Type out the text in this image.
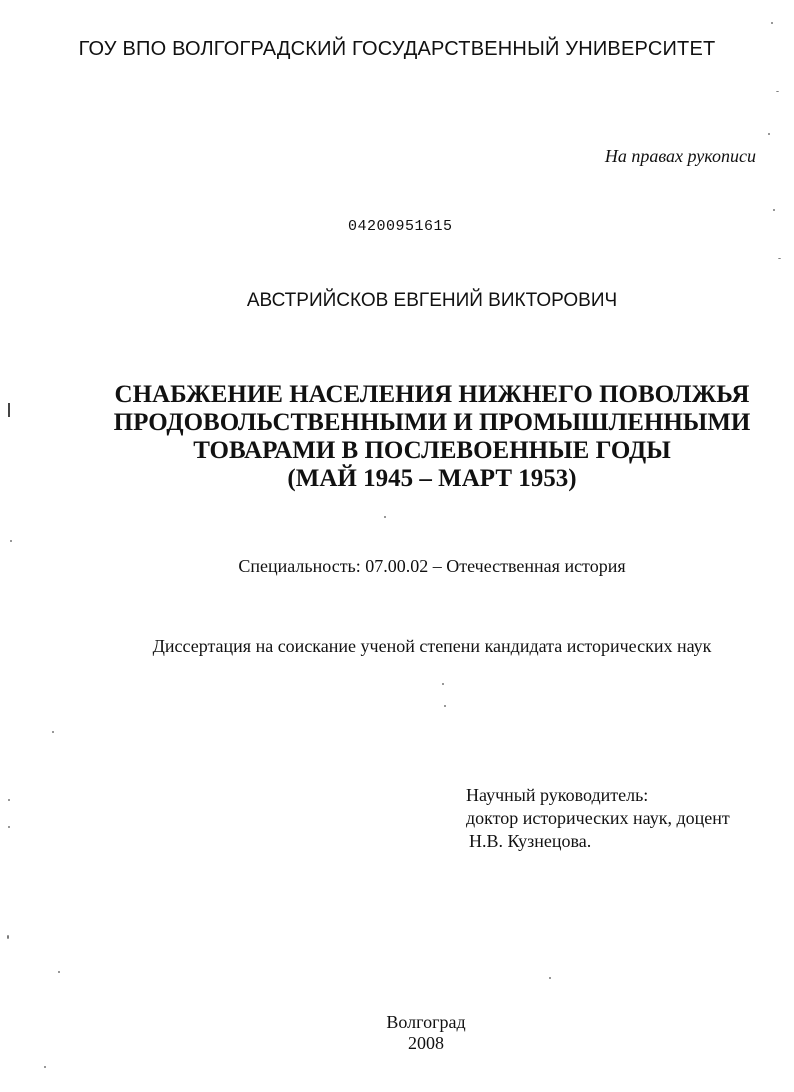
ГОУ ВПО ВОЛГОГРАДСКИЙ ГОСУДАРСТВЕННЫЙ УНИВЕРСИТЕТ
На правах рукописи
04200951615
АВСТРИЙСКОВ ЕВГЕНИЙ ВИКТОРОВИЧ
СНАБЖЕНИЕ НАСЕЛЕНИЯ НИЖНЕГО ПОВОЛЖЬЯ
ПРОДОВОЛЬСТВЕННЫМИ И ПРОМЫШЛЕННЫМИ
ТОВАРАМИ В ПОСЛЕВОЕННЫЕ ГОДЫ
(МАЙ 1945 – МАРТ 1953)
Специальность: 07.00.02 – Отечественная история
Диссертация на соискание ученой степени кандидата исторических наук
Научный руководитель:
доктор исторических наук, доцент
Н.В. Кузнецова.
Волгоград
2008
